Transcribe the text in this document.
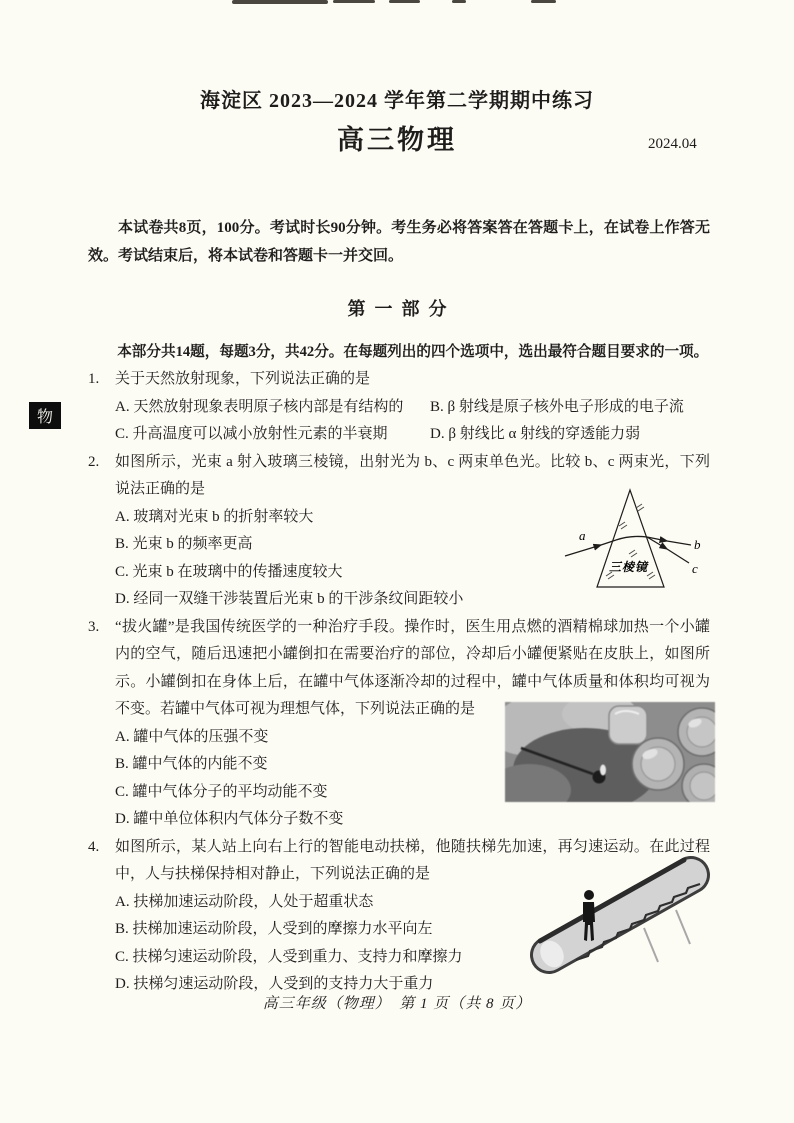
物
海淀区 2023—2024 学年第二学期期中练习
高三物理	2024.04

本试卷共8页，100分。考试时长90分钟。考生务必将答案答在答题卡上，在试卷上作答无效。考试结束后，将本试卷和答题卡一并交回。

第一部分

本部分共14题，每题3分，共42分。在每题列出的四个选项中，选出最符合题目要求的一项。

1. 关于天然放射现象，下列说法正确的是
A. 天然放射现象表明原子核内部是有结构的	B. β 射线是原子核外电子形成的电子流
C. 升高温度可以减小放射性元素的半衰期	D. β 射线比 α 射线的穿透能力弱
2. 如图所示，光束 a 射入玻璃三棱镜，出射光为 b、c 两束单色光。比较 b、c 两束光，下列说法正确的是
A. 玻璃对光束 b 的折射率较大
B. 光束 b 的频率更高
C. 光束 b 在玻璃中的传播速度较大
D. 经同一双缝干涉装置后光束 b 的干涉条纹间距较小
3. “拔火罐”是我国传统医学的一种治疗手段。操作时，医生用点燃的酒精棉球加热一个小罐内的空气，随后迅速把小罐倒扣在需要治疗的部位，冷却后小罐便紧贴在皮肤上，如图所示。小罐倒扣在身体上后，在罐中气体逐渐冷却的过程中，罐中气体质量和体积均可视为不变。若罐中气体可视为理想气体，下列说法正确的是
A. 罐中气体的压强不变
B. 罐中气体的内能不变
C. 罐中气体分子的平均动能不变
D. 罐中单位体积内气体分子数不变
4. 如图所示，某人站上向右上行的智能电动扶梯，他随扶梯先加速，再匀速运动。在此过程中，人与扶梯保持相对静止，下列说法正确的是
A. 扶梯加速运动阶段，人处于超重状态
B. 扶梯加速运动阶段，人受到的摩擦力水平向左
C. 扶梯匀速运动阶段，人受到重力、支持力和摩擦力
D. 扶梯匀速运动阶段，人受到的支持力大于重力
a
b
c
三棱镜
高三年级（物理）　第 1 页（共 8 页）
